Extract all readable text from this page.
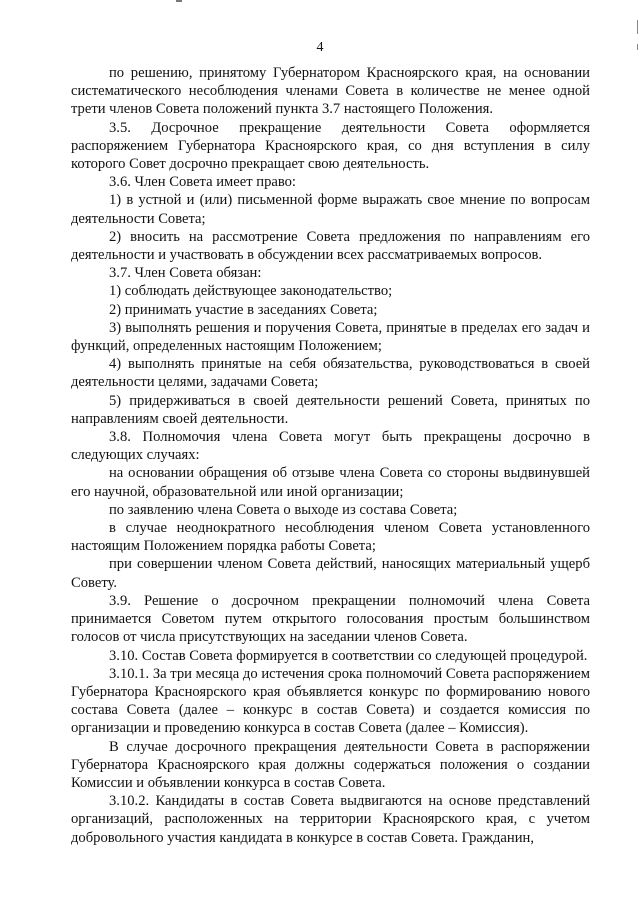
4

по решению, принятому Губернатором Красноярского края, на основании систематического несоблюдения членами Совета в количестве не менее одной трети членов Совета положений пункта 3.7 настоящего Положения.

3.5. Досрочное прекращение деятельности Совета оформляется распоряжением Губернатора Красноярского края, со дня вступления в силу которого Совет досрочно прекращает свою деятельность.

3.6. Член Совета имеет право:

1) в устной и (или) письменной форме выражать свое мнение по вопросам деятельности Совета;

2) вносить на рассмотрение Совета предложения по направлениям его деятельности и участвовать в обсуждении всех рассматриваемых вопросов.

3.7. Член Совета обязан:

1) соблюдать действующее законодательство;

2) принимать участие в заседаниях Совета;

3) выполнять решения и поручения Совета, принятые в пределах его задач и функций, определенных настоящим Положением;

4) выполнять принятые на себя обязательства, руководствоваться в своей деятельности целями, задачами Совета;

5) придерживаться в своей деятельности решений Совета, принятых по направлениям своей деятельности.

3.8. Полномочия члена Совета могут быть прекращены досрочно в следующих случаях:

на основании обращения об отзыве члена Совета со стороны выдвинувшей его научной, образовательной или иной организации;

по заявлению члена Совета о выходе из состава Совета;

в случае неоднократного несоблюдения членом Совета установленного настоящим Положением порядка работы Совета;

при совершении членом Совета действий, наносящих материальный ущерб Совету.

3.9. Решение о досрочном прекращении полномочий члена Совета принимается Советом путем открытого голосования простым большинством голосов от числа присутствующих на заседании членов Совета.

3.10. Состав Совета формируется в соответствии со следующей процедурой.

3.10.1. За три месяца до истечения срока полномочий Совета распоряжением Губернатора Красноярского края объявляется конкурс по формированию нового состава Совета (далее – конкурс в состав Совета) и создается комиссия по организации и проведению конкурса в состав Совета (далее – Комиссия).

В случае досрочного прекращения деятельности Совета в распоряжении Губернатора Красноярского края должны содержаться положения о создании Комиссии и объявлении конкурса в состав Совета.

3.10.2. Кандидаты в состав Совета выдвигаются на основе представлений организаций, расположенных на территории Красноярского края, с учетом добровольного участия кандидата в конкурсе в состав Совета. Гражданин,
